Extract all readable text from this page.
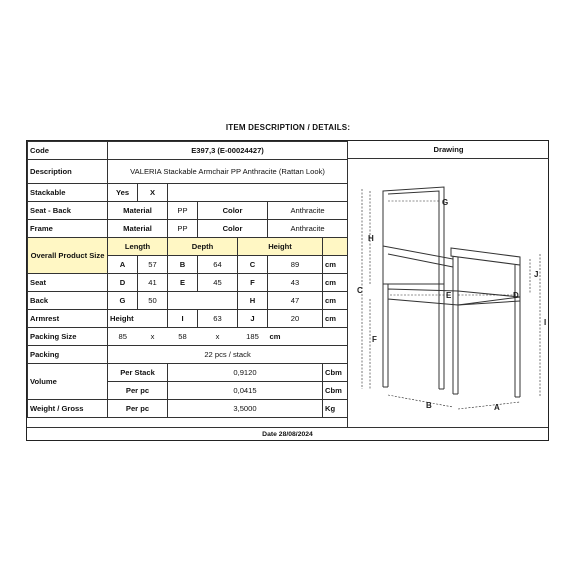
ITEM DESCRIPTION / DETAILS:
Code	E397,3 (E-00024427)						
Description	VALERIA Stackable Armchair PP Anthracite (Rattan Look)						
Stackable	Yes	X					
Seat - Back	Material		PP	Color		Anthracite	
Frame	Material		PP	Color		Anthracite	
Overall Product Size	Length		Depth		Height		
	A	57	B	64	C	89	cm
Seat	D	41	E	45	F	43	cm
Back	G	50			H	47	cm
Armrest	Height		I	63	J	20	cm
Packing Size	85	x	58	x	185	cm	
Packing	22 pcs / stack						
Volume	Per Stack		0,9120				Cbm
	Per pc		0,0415				Cbm
Weight / Gross	Per pc		3,5000				Kg
Drawing
G
H
C
E	D
F
J
I
B	A
Date 28/08/2024
